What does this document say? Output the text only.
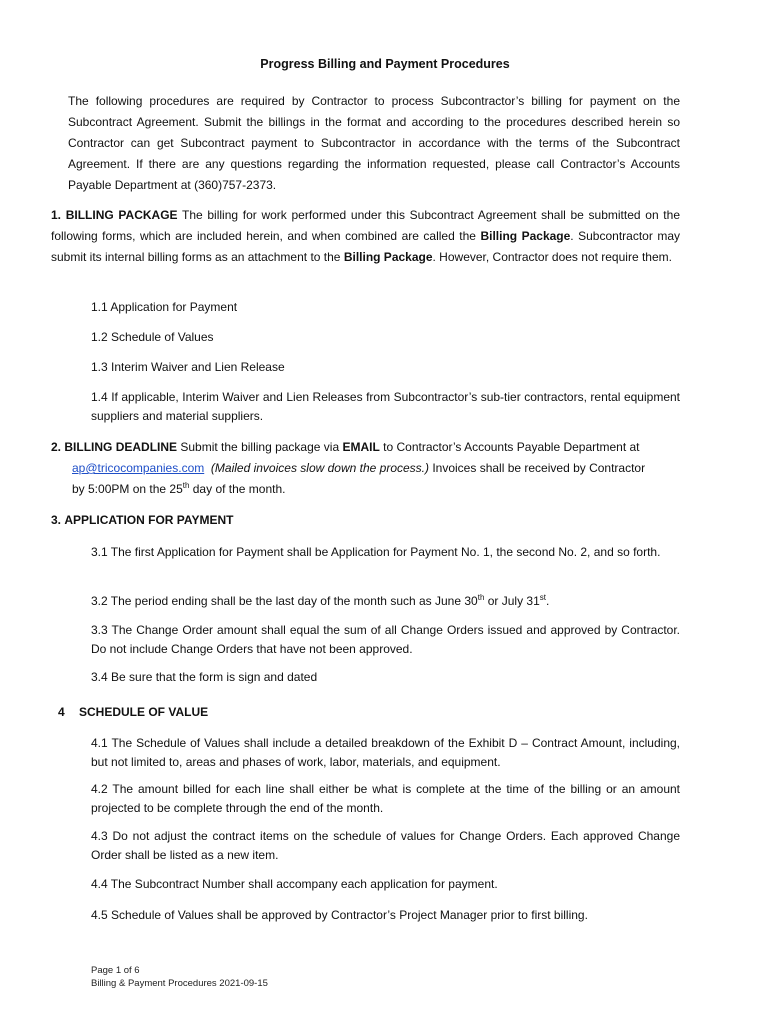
Progress Billing and Payment Procedures
The following procedures are required by Contractor to process Subcontractor’s billing for payment on the Subcontract Agreement. Submit the billings in the format and according to the procedures described herein so Contractor can get Subcontract payment to Subcontractor in accordance with the terms of the Subcontract Agreement. If there are any questions regarding the information requested, please call Contractor’s Accounts Payable Department at (360)757-2373.
1. BILLING PACKAGE The billing for work performed under this Subcontract Agreement shall be submitted on the following forms, which are included herein, and when combined are called the Billing Package. Subcontractor may submit its internal billing forms as an attachment to the Billing Package. However, Contractor does not require them.
1.1 Application for Payment
1.2 Schedule of Values
1.3 Interim Waiver and Lien Release
1.4 If applicable, Interim Waiver and Lien Releases from Subcontractor’s sub-tier contractors, rental equipment suppliers and material suppliers.
2. BILLING DEADLINE Submit the billing package via EMAIL to Contractor’s Accounts Payable Department at
ap@tricocompanies.com (Mailed invoices slow down the process.) Invoices shall be received by Contractor
by 5:00PM on the 25th day of the month.
3. APPLICATION FOR PAYMENT
3.1 The first Application for Payment shall be Application for Payment No. 1, the second No. 2, and so forth.
3.2 The period ending shall be the last day of the month such as June 30th or July 31st.
3.3 The Change Order amount shall equal the sum of all Change Orders issued and approved by Contractor. Do not include Change Orders that have not been approved.
3.4 Be sure that the form is sign and dated
4	SCHEDULE OF VALUE
4.1 The Schedule of Values shall include a detailed breakdown of the Exhibit D – Contract Amount, including, but not limited to, areas and phases of work, labor, materials, and equipment.
4.2 The amount billed for each line shall either be what is complete at the time of the billing or an amount projected to be complete through the end of the month.
4.3 Do not adjust the contract items on the schedule of values for Change Orders. Each approved Change Order shall be listed as a new item.
4.4 The Subcontract Number shall accompany each application for payment.
4.5 Schedule of Values shall be approved by Contractor’s Project Manager prior to first billing.
Page 1 of 6
Billing & Payment Procedures 2021-09-15
